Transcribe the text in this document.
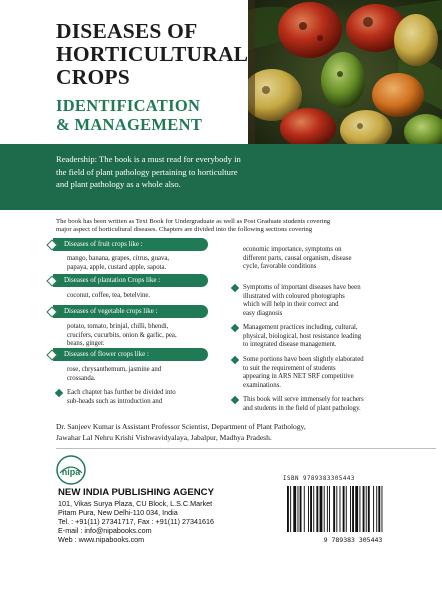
DISEASES OF
HORTICULTURAL
CROPS
IDENTIFICATION
& MANAGEMENT
Readership: The book is a must read for everybody in
the field of plant pathology pertaining to horticulture
and plant pathology as a whole also.
The book has been written as Text Book for Undergraduate as well as Post Graduate students covering
major aspect of horticultural diseases. Chapters are divided into the following sections covering
Diseases of fruit crops like :
mango, banana, grapes, citrus, guava,
papaya, apple, custard apple, sapota.
Diseases of plantation Crops like :
coconut, coffee, tea, betelvine.
Diseases of vegetable crops like :
potato, tomato, brinjal, chilli, bhendi,
crucifers, cucurbits, onion & garlic, pea,
beans, ginger.
Diseases of flower crops like :
rose, chrysanthemum, jasmine and
crossanda.
Each chapter has further be divided into
sub-heads such as introduction and
economic importance, symptoms on
different parts, causal organism, disease
cycle, favorable conditions
Symptoms of important diseases have been
illustrated with coloured photographs
which will help in their correct and
easy diagnosis
Management practices including, cultural,
physical, biological, host resistance leading
to integrated disease management.
Some portions have been slightly elaborated
to suit the requirement of students
appearing in ARS NET SRF competitive
examinations.
This book will serve immensely for teachers
and students in the field of plant pathology.
Dr. Sanjeev Kumar is Assistant Professor Scientist, Department of Plant Pathology,
Jawahar Lal Nehru Krishi Vishwavidyalaya, Jabalpur, Madhya Pradesh.
nipa
NEW INDIA PUBLISHING AGENCY
101, Vikas Surya Plaza, CU Block, L.S.C.Market
Pitam Pura, New Delhi-110 034, India
Tel. : +91(11) 27341717, Fax : +91(11) 27341616
E-mail : info@nipabooks.com
Web : www.nipabooks.com
ISBN 9789383305443
9 789383 305443
